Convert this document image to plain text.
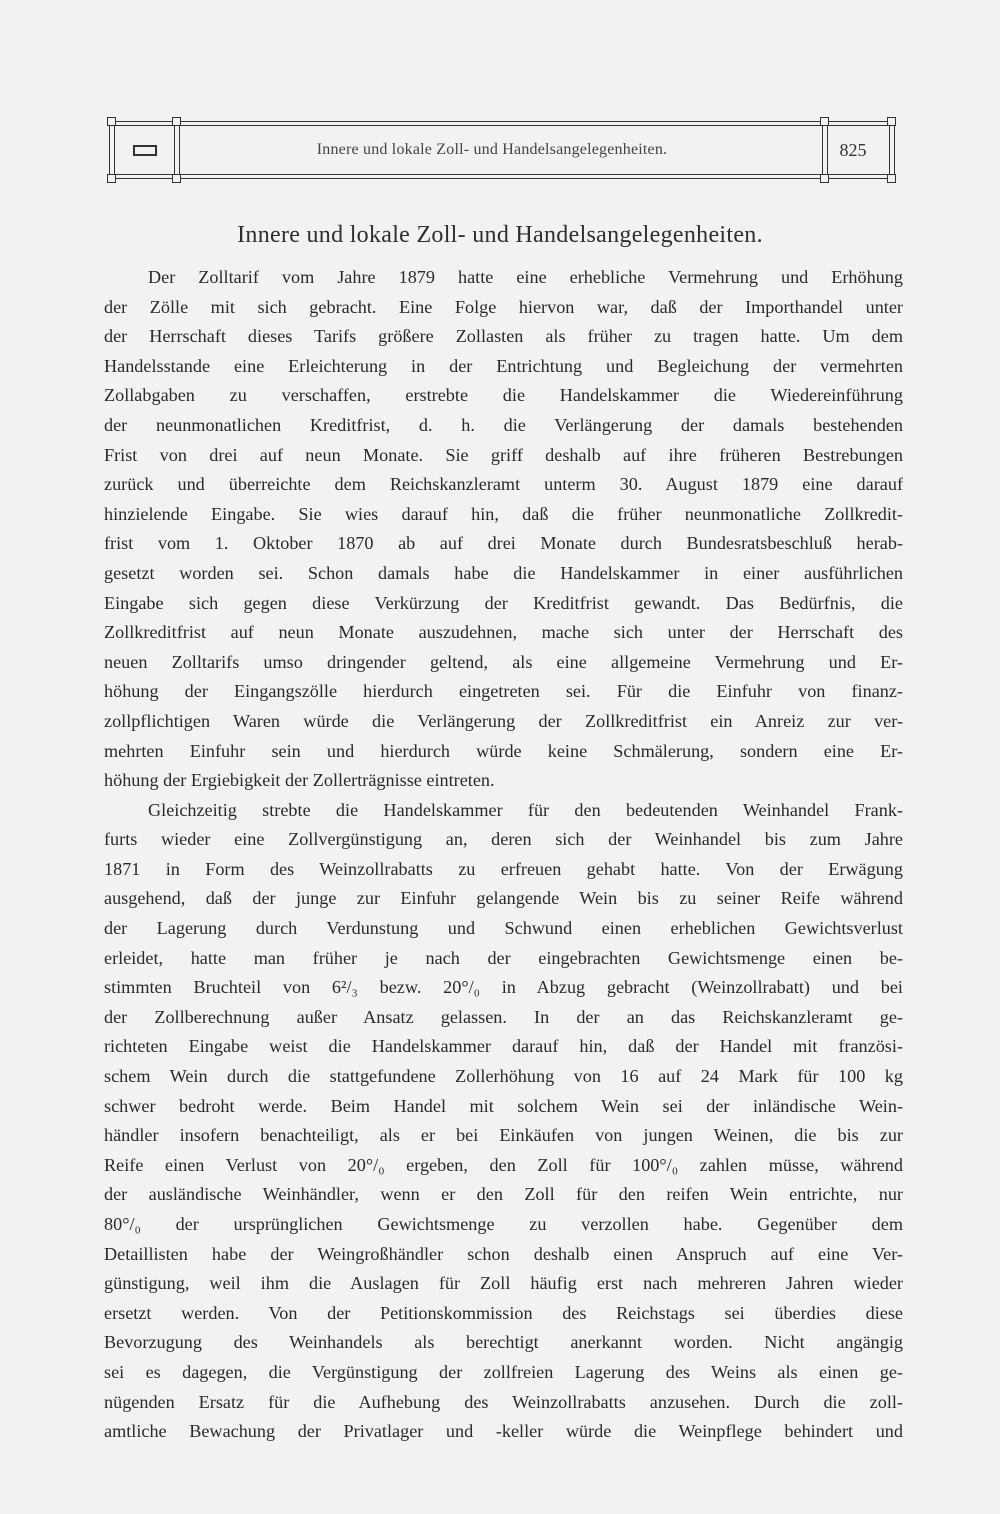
Innere und lokale Zoll- und Handelsangelegenheiten.	825
Innere und lokale Zoll- und Handelsangelegenheiten.
Der Zolltarif vom Jahre 1879 hatte eine erhebliche Vermehrung und Erhöhung
der Zölle mit sich gebracht. Eine Folge hiervon war, daß der Importhandel unter
der Herrschaft dieses Tarifs größere Zollasten als früher zu tragen hatte. Um dem
Handelsstande eine Erleichterung in der Entrichtung und Begleichung der vermehrten
Zollabgaben zu verschaffen, erstrebte die Handelskammer die Wiedereinführung
der neunmonatlichen Kreditfrist, d. h. die Verlängerung der damals bestehenden
Frist von drei auf neun Monate. Sie griff deshalb auf ihre früheren Bestrebungen
zurück und überreichte dem Reichskanzleramt unterm 30. August 1879 eine darauf
hinzielende Eingabe. Sie wies darauf hin, daß die früher neunmonatliche Zollkredit-
frist vom 1. Oktober 1870 ab auf drei Monate durch Bundesratsbeschluß herab-
gesetzt worden sei. Schon damals habe die Handelskammer in einer ausführlichen
Eingabe sich gegen diese Verkürzung der Kreditfrist gewandt. Das Bedürfnis, die
Zollkreditfrist auf neun Monate auszudehnen, mache sich unter der Herrschaft des
neuen Zolltarifs umso dringender geltend, als eine allgemeine Vermehrung und Er-
höhung der Eingangszölle hierdurch eingetreten sei. Für die Einfuhr von finanz-
zollpflichtigen Waren würde die Verlängerung der Zollkreditfrist ein Anreiz zur ver-
mehrten Einfuhr sein und hierdurch würde keine Schmälerung, sondern eine Er-
höhung der Ergiebigkeit der Zollerträgnisse eintreten.
Gleichzeitig strebte die Handelskammer für den bedeutenden Weinhandel Frank-
furts wieder eine Zollvergünstigung an, deren sich der Weinhandel bis zum Jahre
1871 in Form des Weinzollrabatts zu erfreuen gehabt hatte. Von der Erwägung
ausgehend, daß der junge zur Einfuhr gelangende Wein bis zu seiner Reife während
der Lagerung durch Verdunstung und Schwund einen erheblichen Gewichtsverlust
erleidet, hatte man früher je nach der eingebrachten Gewichtsmenge einen be-
stimmten Bruchteil von 6²/₃ bezw. 20°/₀ in Abzug gebracht (Weinzollrabatt) und bei
der Zollberechnung außer Ansatz gelassen. In der an das Reichskanzleramt ge-
richteten Eingabe weist die Handelskammer darauf hin, daß der Handel mit französi-
schem Wein durch die stattgefundene Zollerhöhung von 16 auf 24 Mark für 100 kg
schwer bedroht werde. Beim Handel mit solchem Wein sei der inländische Wein-
händler insofern benachteiligt, als er bei Einkäufen von jungen Weinen, die bis zur
Reife einen Verlust von 20°/₀ ergeben, den Zoll für 100°/₀ zahlen müsse, während
der ausländische Weinhändler, wenn er den Zoll für den reifen Wein entrichte, nur
80°/₀ der ursprünglichen Gewichtsmenge zu verzollen habe. Gegenüber dem
Detaillisten habe der Weingroßhändler schon deshalb einen Anspruch auf eine Ver-
günstigung, weil ihm die Auslagen für Zoll häufig erst nach mehreren Jahren wieder
ersetzt werden. Von der Petitionskommission des Reichstags sei überdies diese
Bevorzugung des Weinhandels als berechtigt anerkannt worden. Nicht angängig
sei es dagegen, die Vergünstigung der zollfreien Lagerung des Weins als einen ge-
nügenden Ersatz für die Aufhebung des Weinzollrabatts anzusehen. Durch die zoll-
amtliche Bewachung der Privatlager und -keller würde die Weinpflege behindert und
